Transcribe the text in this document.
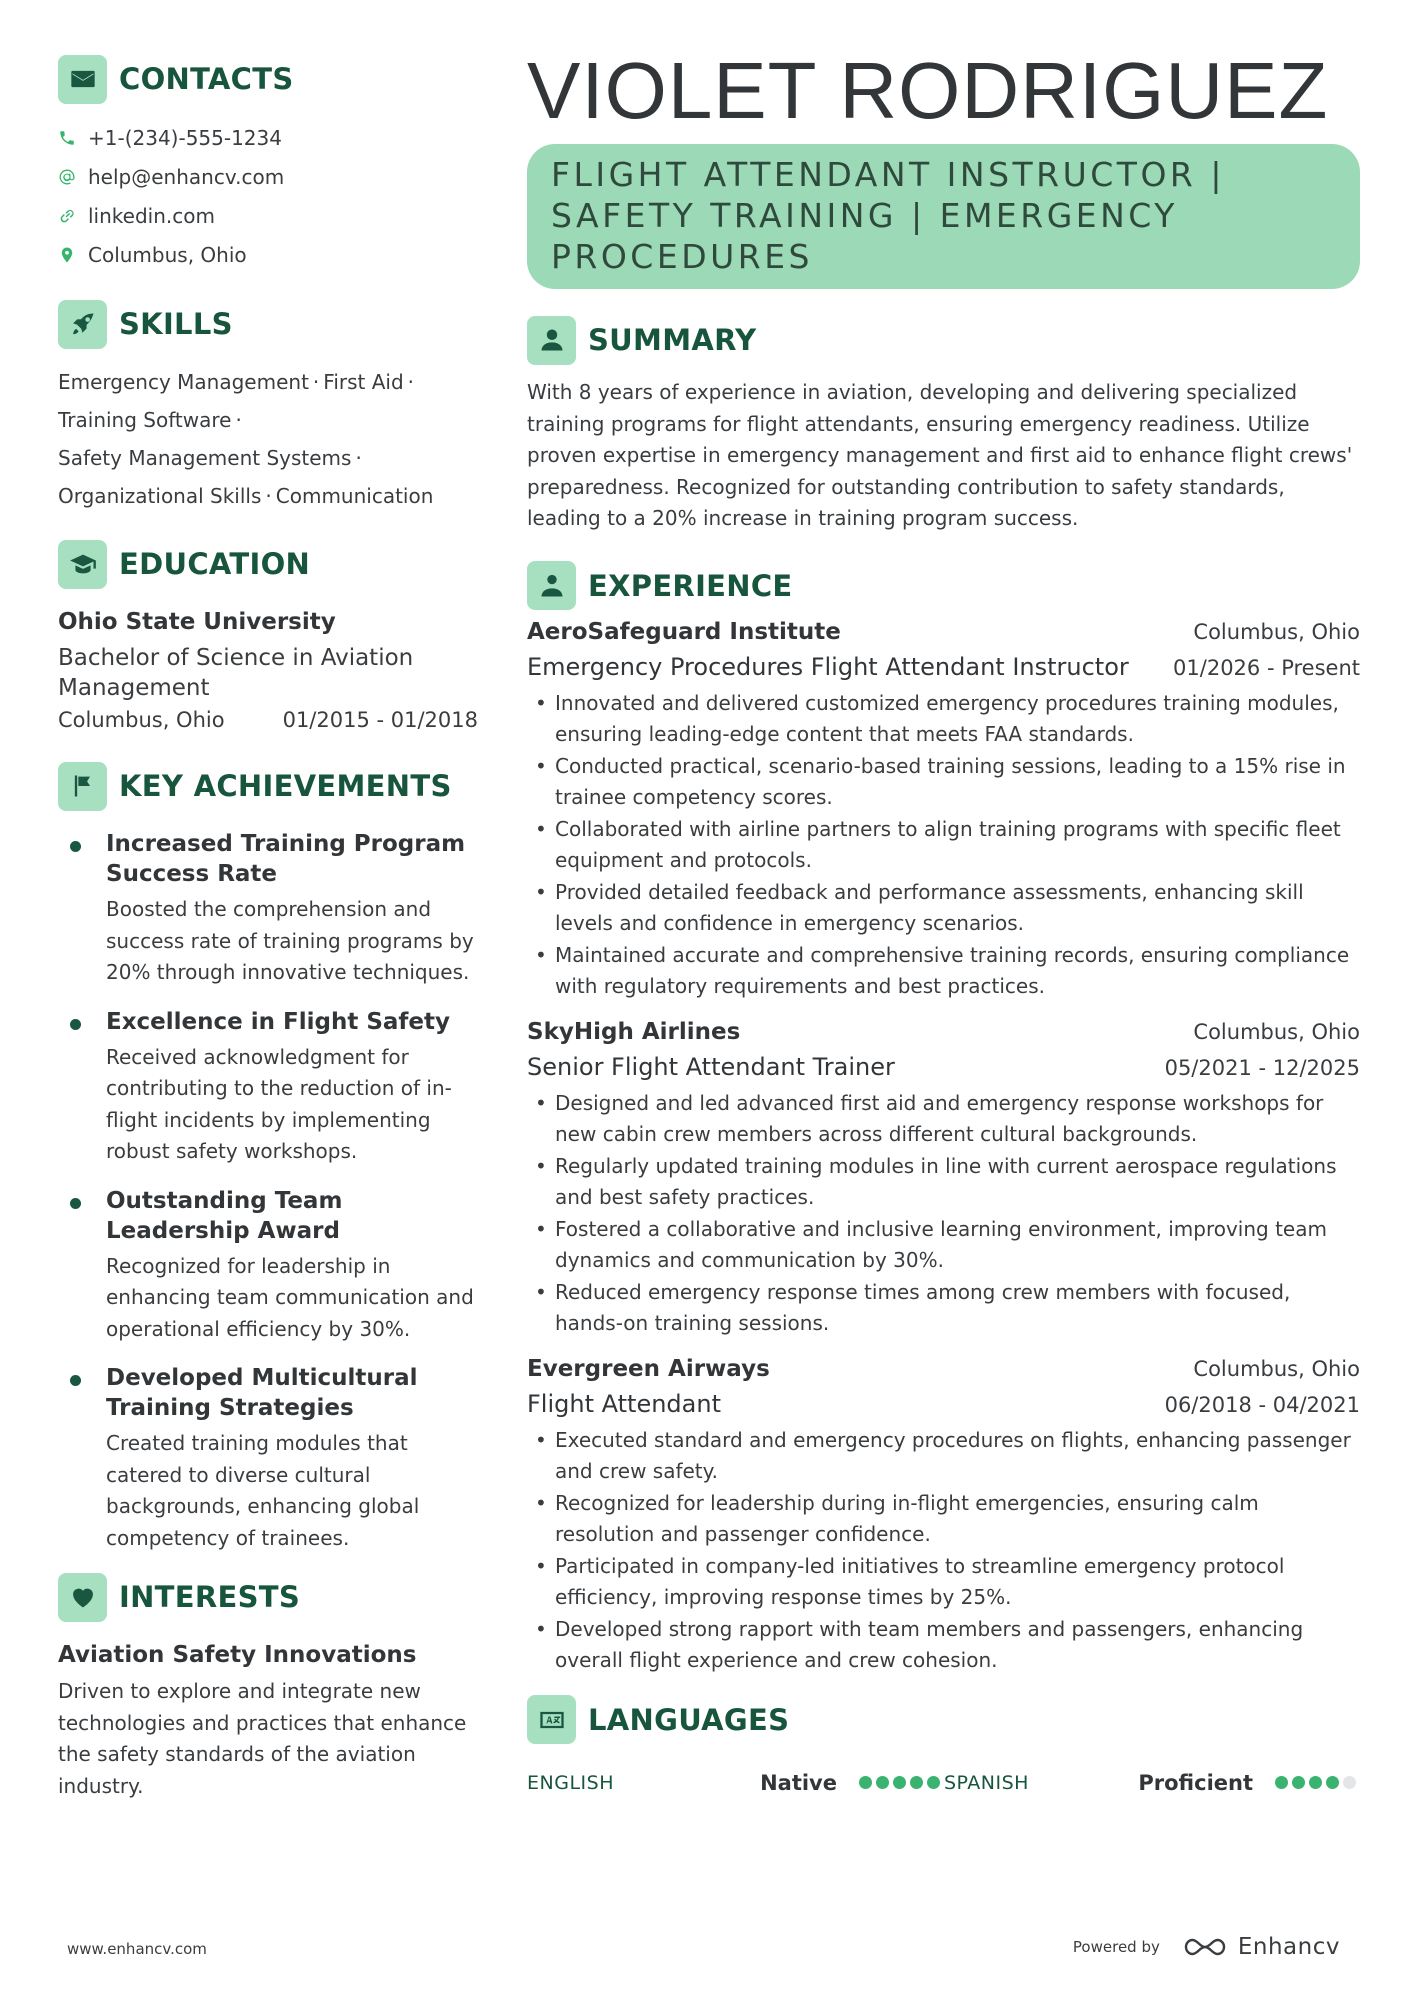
CONTACTS
+1-(234)-555-1234
help@enhancv.com
linkedin.com
Columbus, Ohio
SKILLS
Emergency Management · First Aid ·
Training Software ·
Safety Management Systems ·
Organizational Skills · Communication
EDUCATION
Ohio State University
Bachelor of Science in Aviation Management
Columbus, Ohio	01/2015 - 01/2018
KEY ACHIEVEMENTS
Increased Training Program Success Rate
Boosted the comprehension and success rate of training programs by 20% through innovative techniques.
Excellence in Flight Safety
Received acknowledgment for contributing to the reduction of in-flight incidents by implementing robust safety workshops.
Outstanding Team Leadership Award
Recognized for leadership in enhancing team communication and operational efficiency by 30%.
Developed Multicultural Training Strategies
Created training modules that catered to diverse cultural backgrounds, enhancing global competency of trainees.
INTERESTS
Aviation Safety Innovations
Driven to explore and integrate new technologies and practices that enhance the safety standards of the aviation industry.
VIOLET RODRIGUEZ
FLIGHT ATTENDANT INSTRUCTOR | SAFETY TRAINING | EMERGENCY PROCEDURES
SUMMARY

With 8 years of experience in aviation, developing and delivering specialized training programs for flight attendants, ensuring emergency readiness. Utilize proven expertise in emergency management and first aid to enhance flight crews' preparedness. Recognized for outstanding contribution to safety standards, leading to a 20% increase in training program success.

EXPERIENCE
AeroSafeguard Institute	Columbus, Ohio
Emergency Procedures Flight Attendant Instructor 01/2026 - Present
• Innovated and delivered customized emergency procedures training modules, ensuring leading-edge content that meets FAA standards.
• Conducted practical, scenario-based training sessions, leading to a 15% rise in trainee competency scores.
• Collaborated with airline partners to align training programs with specific fleet equipment and protocols.
• Provided detailed feedback and performance assessments, enhancing skill levels and confidence in emergency scenarios.
• Maintained accurate and comprehensive training records, ensuring compliance with regulatory requirements and best practices.
SkyHigh Airlines	Columbus, Ohio
Senior Flight Attendant Trainer	05/2021 - 12/2025
• Designed and led advanced first aid and emergency response workshops for new cabin crew members across different cultural backgrounds.
• Regularly updated training modules in line with current aerospace regulations and best safety practices.
• Fostered a collaborative and inclusive learning environment, improving team dynamics and communication by 30%.
• Reduced emergency response times among crew members with focused, hands-on training sessions.
Evergreen Airways	Columbus, Ohio
Flight Attendant	06/2018 - 04/2021
• Executed standard and emergency procedures on flights, enhancing passenger and crew safety.
• Recognized for leadership during in-flight emergencies, ensuring calm resolution and passenger confidence.
• Participated in company-led initiatives to streamline emergency protocol efficiency, improving response times by 25%.
• Developed strong rapport with team members and passengers, enhancing overall flight experience and crew cohesion.
LANGUAGES
ENGLISH	Native	SPANISH	Proficient
www.enhancv.com	Powered by	Enhancv
